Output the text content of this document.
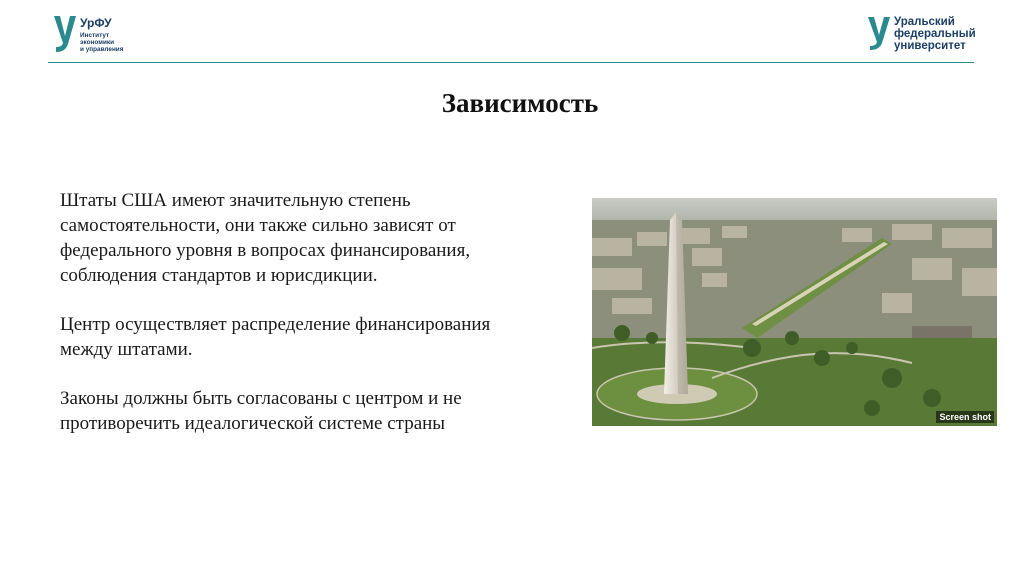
УрФУ
Институт
экономики
и управления
Уральский
федеральный
университет
Зависимость

Штаты США имеют значительную степень
самостоятельности, они также сильно зависят от
федерального уровня в вопросах финансирования,
соблюдения стандартов и юрисдикции.

Центр осуществляет распределение финансирования
между штатами.

Законы должны быть согласованы с центром и не
противоречить идеалогической системе страны	Screen shot
